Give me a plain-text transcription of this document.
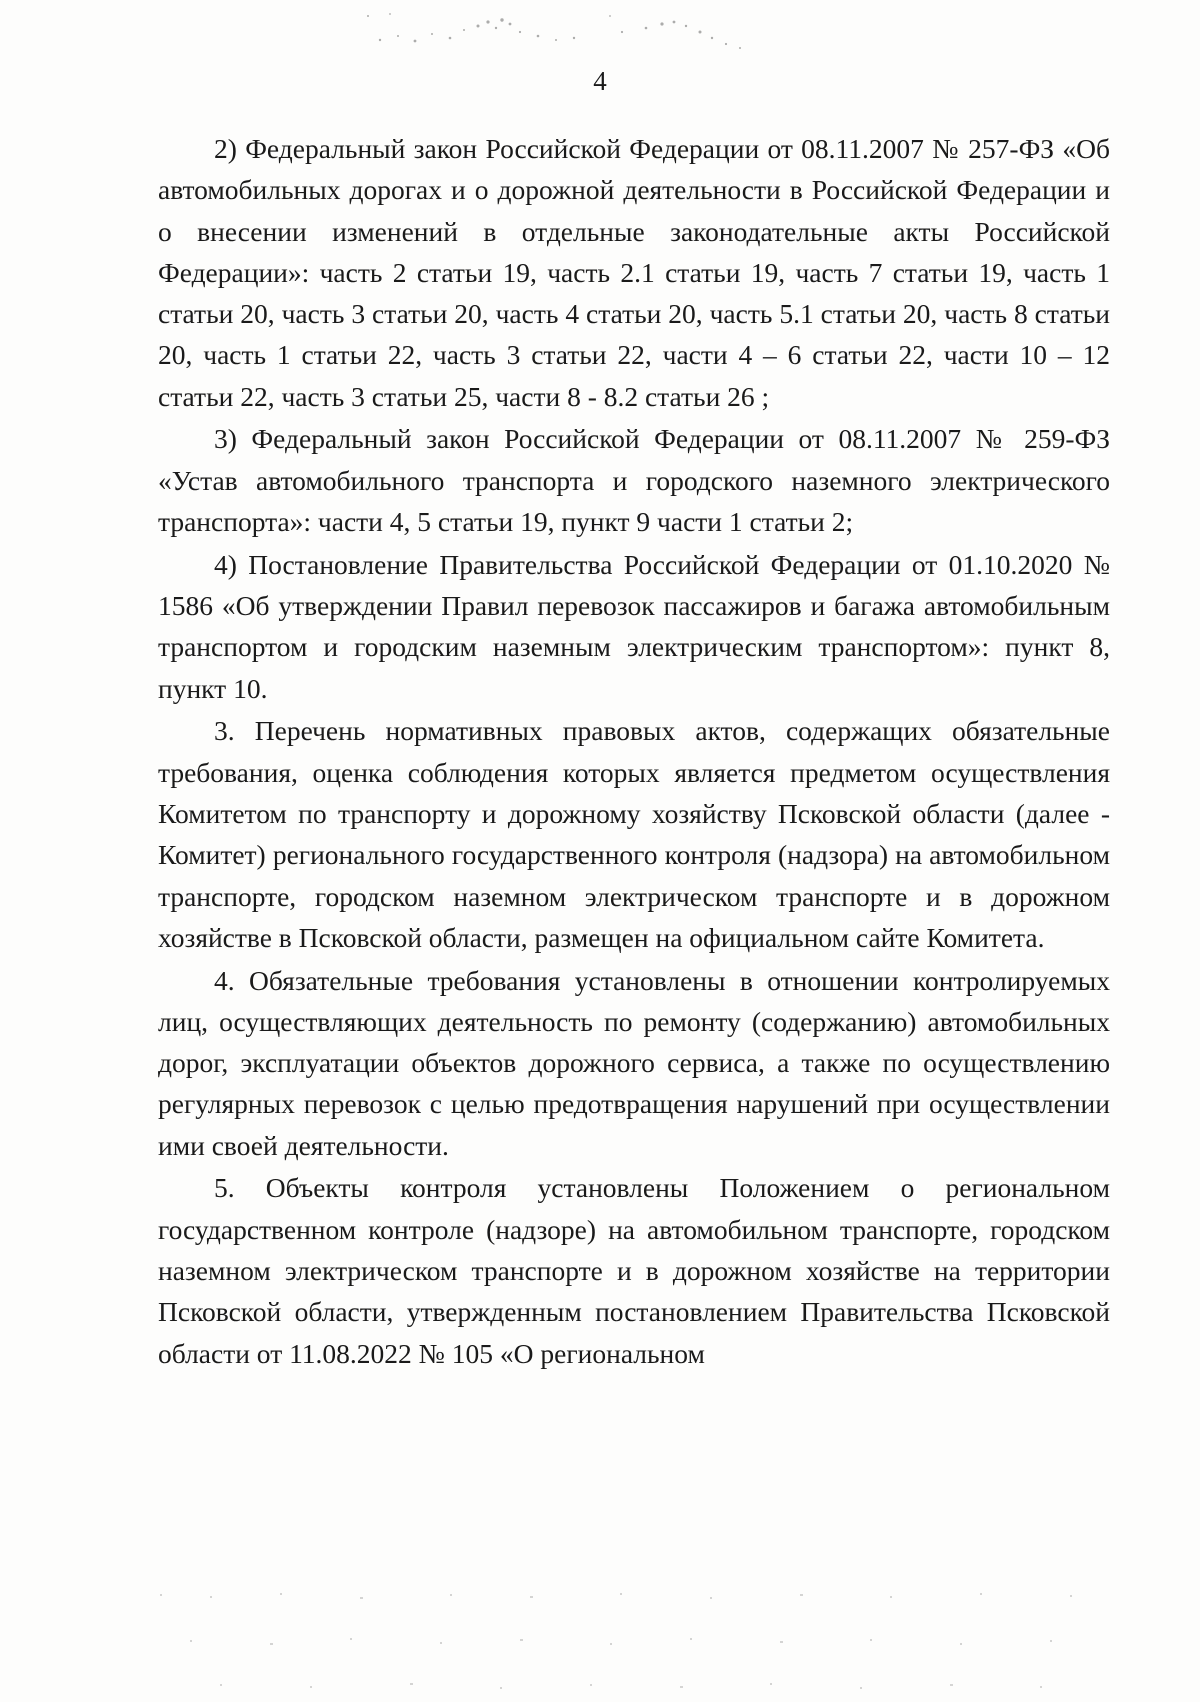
4

2) Федеральный закон Российской Федерации от 08.11.2007 № 257-ФЗ «Об автомобильных дорогах и о дорожной деятельности в Российской Федерации и о внесении изменений в отдельные законодательные акты Российской Федерации»: часть 2 статьи 19, часть 2.1 статьи 19, часть 7 статьи 19, часть 1 статьи 20, часть 3 статьи 20, часть 4 статьи 20, часть 5.1 статьи 20, часть 8 статьи 20, часть 1 статьи 22, часть 3 статьи 22, части 4 – 6 статьи 22, части 10 – 12 статьи 22, часть 3 статьи 25, части 8 - 8.2 статьи 26 ;

3) Федеральный закон Российской Федерации от 08.11.2007 № 259-ФЗ «Устав автомобильного транспорта и городского наземного электрического транспорта»: части 4, 5 статьи 19, пункт 9 части 1 статьи 2;

4) Постановление Правительства Российской Федерации от 01.10.2020 № 1586 «Об утверждении Правил перевозок пассажиров и багажа автомобильным транспортом и городским наземным электрическим транспортом»: пункт 8, пункт 10.

3. Перечень нормативных правовых актов, содержащих обязательные требования, оценка соблюдения которых является предметом осуществления Комитетом по транспорту и дорожному хозяйству Псковской области (далее - Комитет) регионального государственного контроля (надзора) на автомобильном транспорте, городском наземном электрическом транспорте и в дорожном хозяйстве в Псковской области, размещен на официальном сайте Комитета.

4. Обязательные требования установлены в отношении контролируемых лиц, осуществляющих деятельность по ремонту (содержанию) автомобильных дорог, эксплуатации объектов дорожного сервиса, а также по осуществлению регулярных перевозок с целью предотвращения нарушений при осуществлении ими своей деятельности.

5. Объекты контроля установлены Положением о региональном государственном контроле (надзоре) на автомобильном транспорте, городском наземном электрическом транспорте и в дорожном хозяйстве на территории Псковской области, утвержденным постановлением Правительства Псковской области от 11.08.2022 № 105 «О региональном
